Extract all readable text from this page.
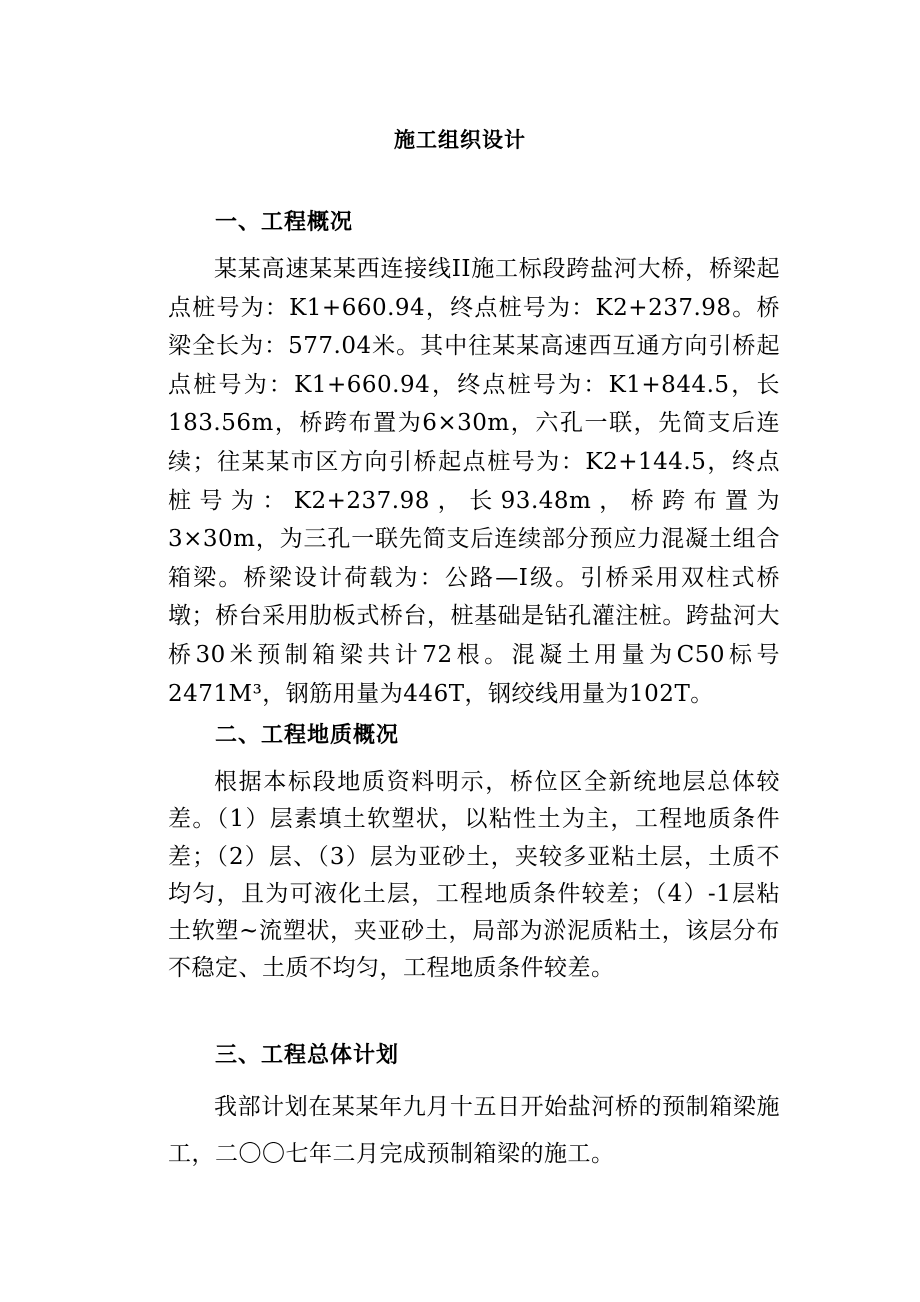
施工组织设计
一、工程概况

某某高速某某西连接线II施工标段跨盐河大桥，桥梁起点桩号为：K1+660.94，终点桩号为：K2+237.98。桥梁全长为：577.04米。其中往某某高速西互通方向引桥起点桩号为：K1+660.94，终点桩号为：K1+844.5，长183.56m，桥跨布置为6×30m，六孔一联，先简支后连续；往某某市区方向引桥起点桩号为：K2+144.5，终点桩号为：K2+237.98，长93.48m，桥跨布置为3×30m，为三孔一联先简支后连续部分预应力混凝土组合箱梁。桥梁设计荷载为：公路—I级。引桥采用双柱式桥墩；桥台采用肋板式桥台，桩基础是钻孔灌注桩。跨盐河大桥30米预制箱梁共计72根。混凝土用量为C50标号2471M³，钢筋用量为446T，钢绞线用量为102T。

二、工程地质概况

根据本标段地质资料明示，桥位区全新统地层总体较差。（1）层素填土软塑状，以粘性土为主，工程地质条件差；（2）层、（3）层为亚砂土，夹较多亚粘土层，土质不均匀，且为可液化土层，工程地质条件较差；（4）-1层粘土软塑~流塑状，夹亚砂土，局部为淤泥质粘土，该层分布不稳定、土质不均匀，工程地质条件较差。

三、工程总体计划

我部计划在某某年九月十五日开始盐河桥的预制箱梁施工，二〇〇七年二月完成预制箱梁的施工。
